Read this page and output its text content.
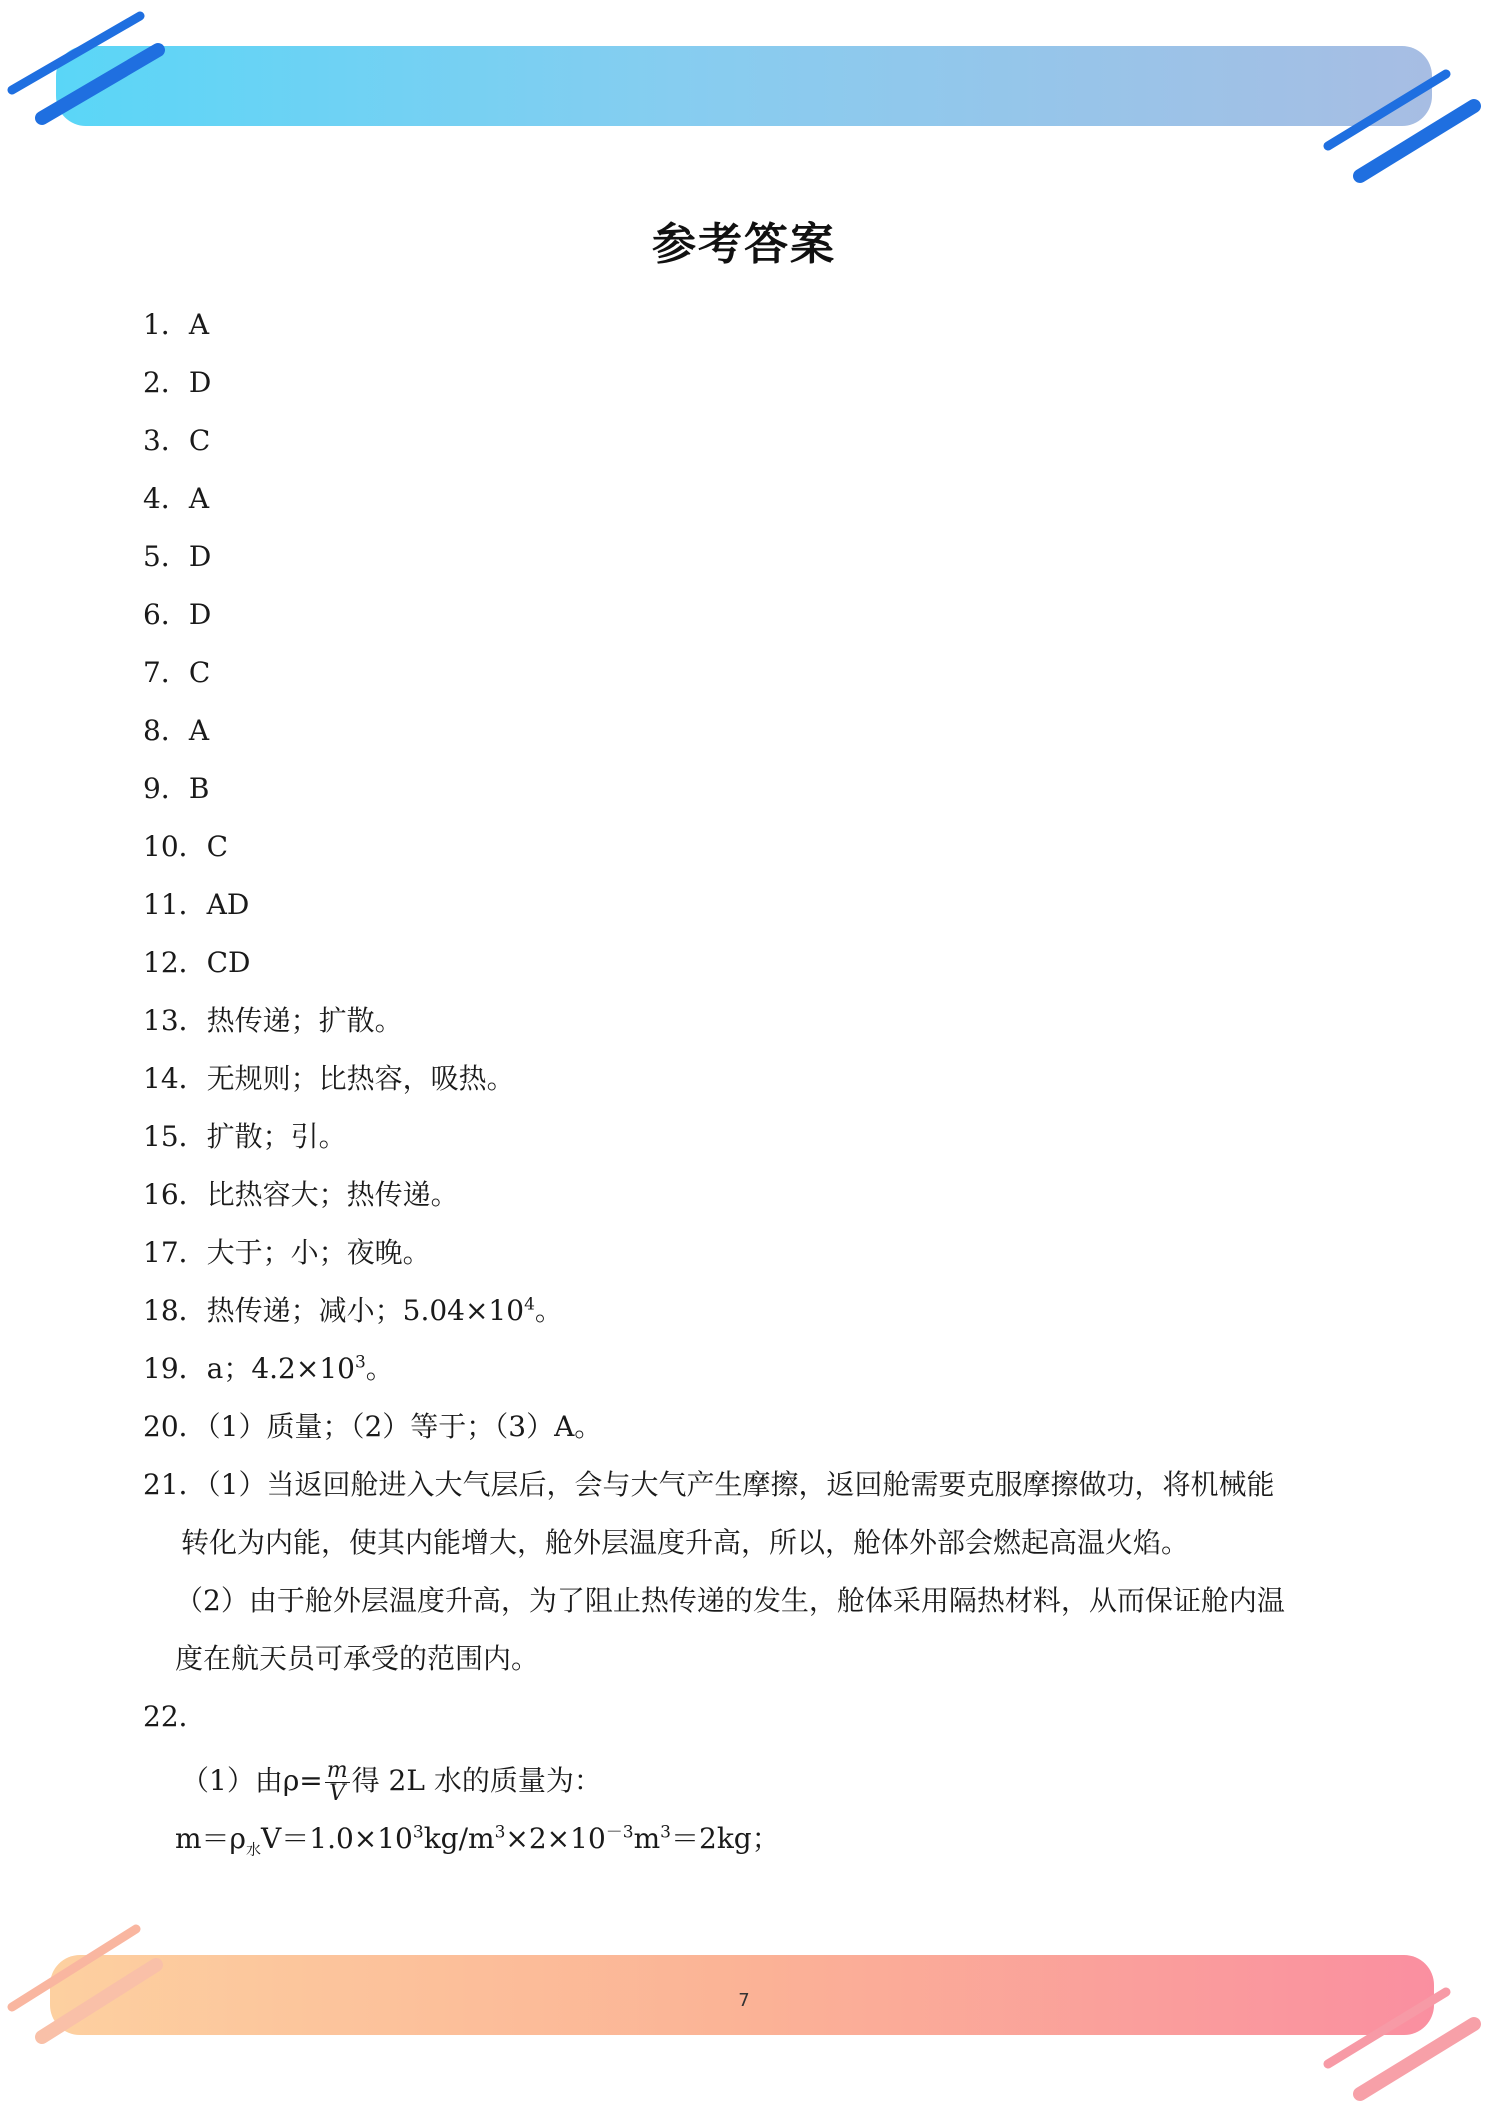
参考答案
1．A
2．D
3．C
4．A
5．D
6．D
7．C
8．A
9．B
10．C
11．AD
12．CD
13．热传递；扩散。
14．无规则；比热容，吸热。
15．扩散；引。
16．比热容大；热传递。
17．大于；小；夜晚。
18．热传递；减小；$5.04\times 10^4$。
19．a；$4.2\times 10^3$。
20．（1）质量；（2）等于；（3）A。
21．（1）当返回舱进入大气层后，会与大气产生摩擦，返回舱需要克服摩擦做功，将机械能
转化为内能，使其内能增大，舱外层温度升高，所以，舱体外部会燃起高温火焰。
（2）由于舱外层温度升高，为了阻止热传递的发生，舱体采用隔热材料，从而保证舱内温
度在航天员可承受的范围内。
22．
（1）由$\rho= \frac{m}{V}$ 得 2L 水的质量为：
$m=\rho_水V=1.0\times 10^3kg/m^3\times 2\times 10^{-3}m^3=2kg$；
7
